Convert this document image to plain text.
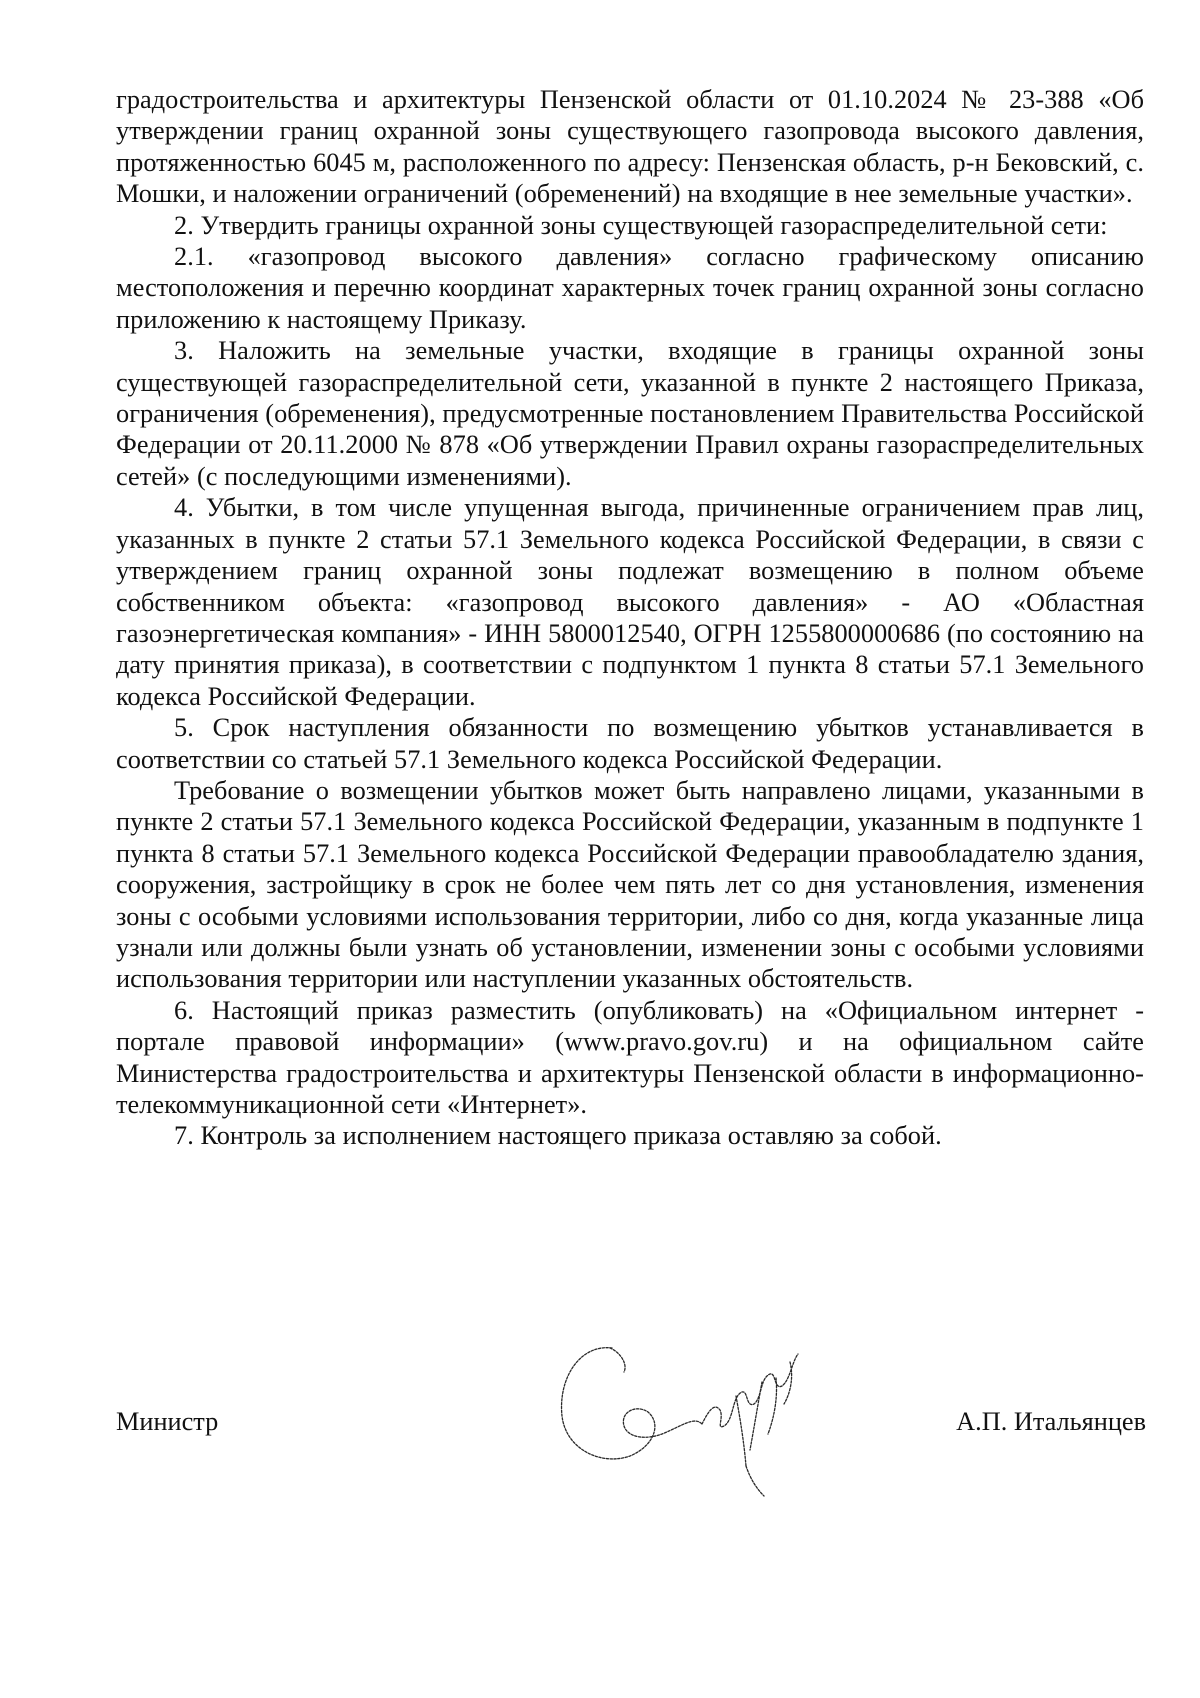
градостроительства и архитектуры Пензенской области от 01.10.2024 № 23-388 «Об утверждении границ охранной зоны существующего газопровода высокого давления, протяженностью 6045 м, расположенного по адресу: Пензенская область, р-н Бековский, с. Мошки, и наложении ограничений (обременений) на входящие в нее земельные участки».

2. Утвердить границы охранной зоны существующей газораспределительной сети:

2.1. «газопровод высокого давления» согласно графическому описанию местоположения и перечню координат характерных точек границ охранной зоны согласно приложению к настоящему Приказу.

3. Наложить на земельные участки, входящие в границы охранной зоны существующей газораспределительной сети, указанной в пункте 2 настоящего Приказа, ограничения (обременения), предусмотренные постановлением Правительства Российской Федерации от 20.11.2000 № 878 «Об утверждении Правил охраны газораспределительных сетей» (с последующими изменениями).

4. Убытки, в том числе упущенная выгода, причиненные ограничением прав лиц, указанных в пункте 2 статьи 57.1 Земельного кодекса Российской Федерации, в связи с утверждением границ охранной зоны подлежат возмещению в полном объеме собственником объекта: «газопровод высокого давления» - АО «Областная газоэнергетическая компания» - ИНН 5800012540, ОГРН 1255800000686 (по состоянию на дату принятия приказа), в соответствии с подпунктом 1 пункта 8 статьи 57.1 Земельного кодекса Российской Федерации.

5. Срок наступления обязанности по возмещению убытков устанавливается в соответствии со статьей 57.1 Земельного кодекса Российской Федерации.

Требование о возмещении убытков может быть направлено лицами, указанными в пункте 2 статьи 57.1 Земельного кодекса Российской Федерации, указанным в подпункте 1 пункта 8 статьи 57.1 Земельного кодекса Российской Федерации правообладателю здания, сооружения, застройщику в срок не более чем пять лет со дня установления, изменения зоны с особыми условиями использования территории, либо со дня, когда указанные лица узнали или должны были узнать об установлении, изменении зоны с особыми условиями использования территории или наступлении указанных обстоятельств.

6. Настоящий приказ разместить (опубликовать) на «Официальном интернет - портале правовой информации» (www.pravo.gov.ru) и на официальном сайте Министерства градостроительства и архитектуры Пензенской области в информационно-телекоммуникационной сети «Интернет».

7. Контроль за исполнением настоящего приказа оставляю за собой.

Министр	А.П. Итальянцев
